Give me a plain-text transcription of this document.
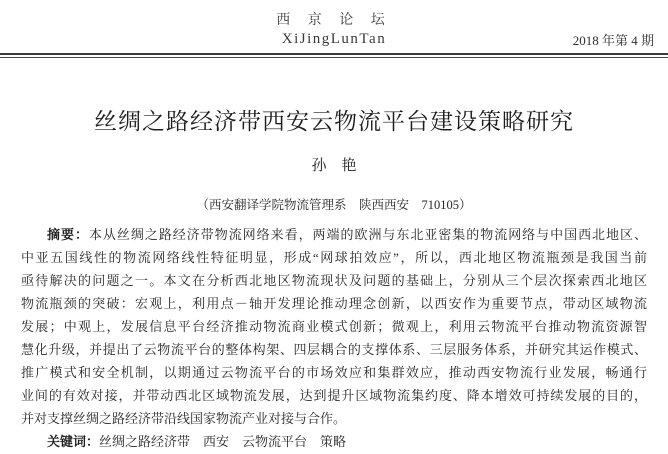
西 京 论 坛
XiJingLunTan	2018 年第 4 期
丝绸之路经济带西安云物流平台建设策略研究
孙　艳
（西安翻译学院物流管理系　陕西西安　710105）
摘要：本从丝绸之路经济带物流网络来看，两端的欧洲与东北亚密集的物流网络与中国西北地区、
中亚五国线性的物流网络线性特征明显，形成“网球拍效应”，所以，西北地区物流瓶颈是我国当前
亟待解决的问题之一。本文在分析西北地区物流现状及问题的基础上，分别从三个层次探索西北地区
物流瓶颈的突破：宏观上，利用点－轴开发理论推动理念创新，以西安作为重要节点，带动区域物流
发展；中观上，发展信息平台经济推动物流商业模式创新；微观上，利用云物流平台推动物流资源智
慧化升级，并提出了云物流平台的整体构架、四层耦合的支撑体系、三层服务体系，并研究其运作模式、
推广模式和安全机制，以期通过云物流平台的市场效应和集群效应，推动西安物流行业发展，畅通行
业间的有效对接，并带动西北区域物流发展，达到提升区域物流集约度、降本增效可持续发展的目的，
并对支撑丝绸之路经济带沿线国家物流产业对接与合作。
关键词：丝绸之路经济带　西安　云物流平台　策略
